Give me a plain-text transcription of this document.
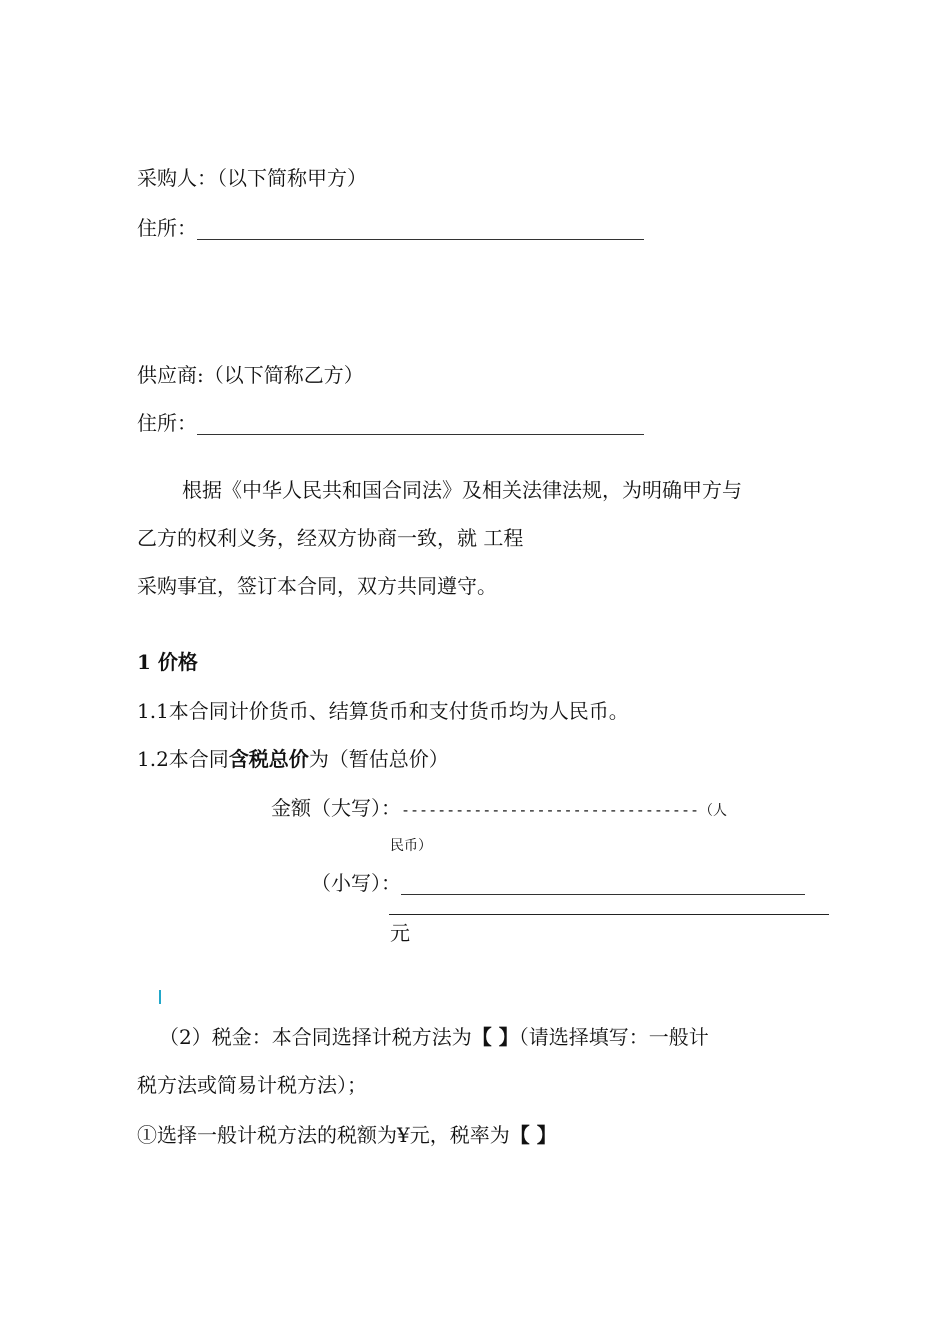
采购人：（以下简称甲方）
住所：
供应商:（以下简称乙方）
住所：
根据《中华人民共和国合同法》及相关法律法规，为明确甲方与
乙方的权利义务，经双方协商一致，就 工程
采购事宜，签订本合同，双方共同遵守。
1 价格
1.1本合同计价货币、结算货币和支付货币均为人民币。
1.2本合同含税总价为（暂估总价）
金额（大写）：---------------------------------（人
民币）
（小写）：
元
（2）税金：本合同选择计税方法为【 】（请选择填写：一般计
税方法或简易计税方法）；
①选择一般计税方法的税额为¥元，税率为【 】
